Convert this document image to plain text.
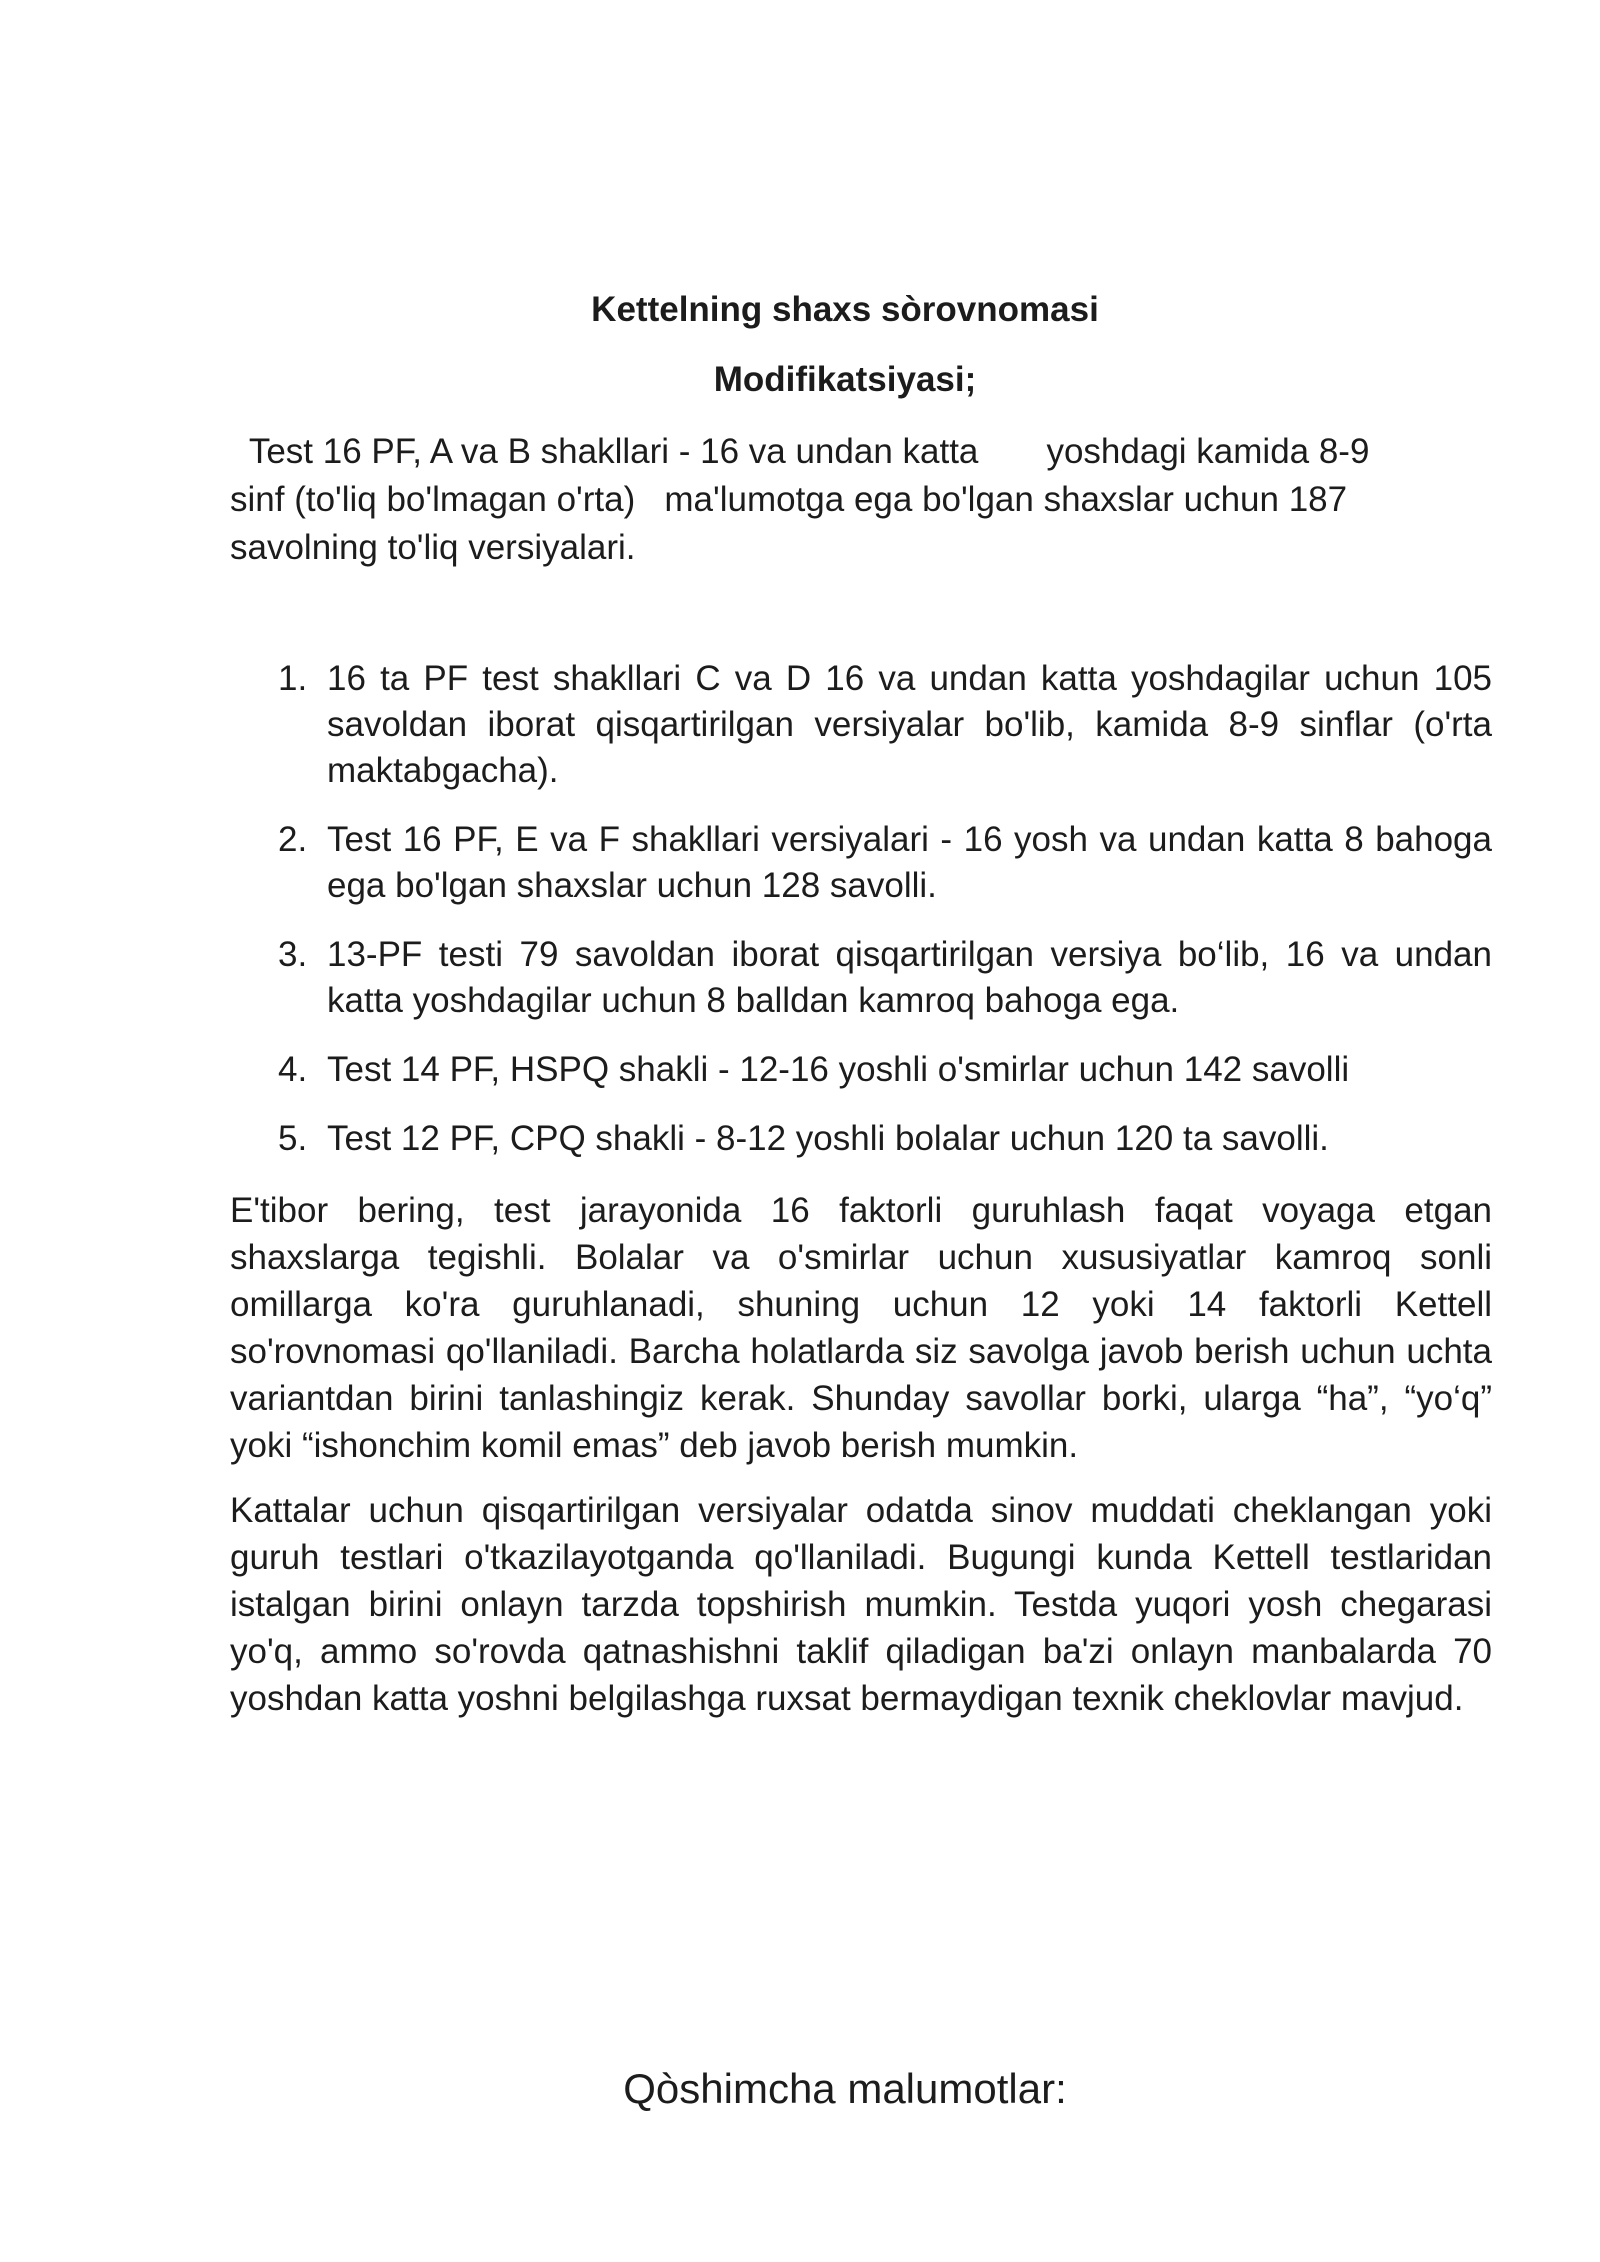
Kettelning shaxs sòrovnomasi
Modifikatsiyasi;

Test 16 PF, A va B shakllari - 16 va undan katta       yoshdagi kamida 8-9
sinf (to'liq bo'lmagan o'rta)   ma'lumotga ega bo'lgan shaxslar uchun 187
savolning to'liq versiyalari.

1. 16 ta PF test shakllari C va D 16 va undan katta yoshdagilar uchun 105 savoldan iborat qisqartirilgan versiyalar bo'lib, kamida 8-9 sinflar (o'rta maktabgacha).
2. Test 16 PF, E va F shakllari versiyalari - 16 yosh va undan katta 8 bahoga ega bo'lgan shaxslar uchun 128 savolli.
3. 13-PF testi 79 savoldan iborat qisqartirilgan versiya bo‘lib, 16 va undan katta yoshdagilar uchun 8 balldan kamroq bahoga ega.
4. Test 14 PF, HSPQ shakli - 12-16 yoshli o'smirlar uchun 142 savolli
5. Test 12 PF, CPQ shakli - 8-12 yoshli bolalar uchun 120 ta savolli.

E'tibor bering, test jarayonida 16 faktorli guruhlash faqat voyaga etgan shaxslarga tegishli. Bolalar va o'smirlar uchun xususiyatlar kamroq sonli omillarga ko'ra guruhlanadi, shuning uchun 12 yoki 14 faktorli Kettell so'rovnomasi qo'llaniladi. Barcha holatlarda siz savolga javob berish uchun uchta variantdan birini tanlashingiz kerak. Shunday savollar borki, ularga “ha”, “yo‘q” yoki “ishonchim komil emas” deb javob berish mumkin.

Kattalar uchun qisqartirilgan versiyalar odatda sinov muddati cheklangan yoki guruh testlari o'tkazilayotganda qo'llaniladi. Bugungi kunda Kettell testlaridan istalgan birini onlayn tarzda topshirish mumkin. Testda yuqori yosh chegarasi yo'q, ammo so'rovda qatnashishni taklif qiladigan ba'zi onlayn manbalarda 70 yoshdan katta yoshni belgilashga ruxsat bermaydigan texnik cheklovlar mavjud.

Qòshimcha malumotlar:
